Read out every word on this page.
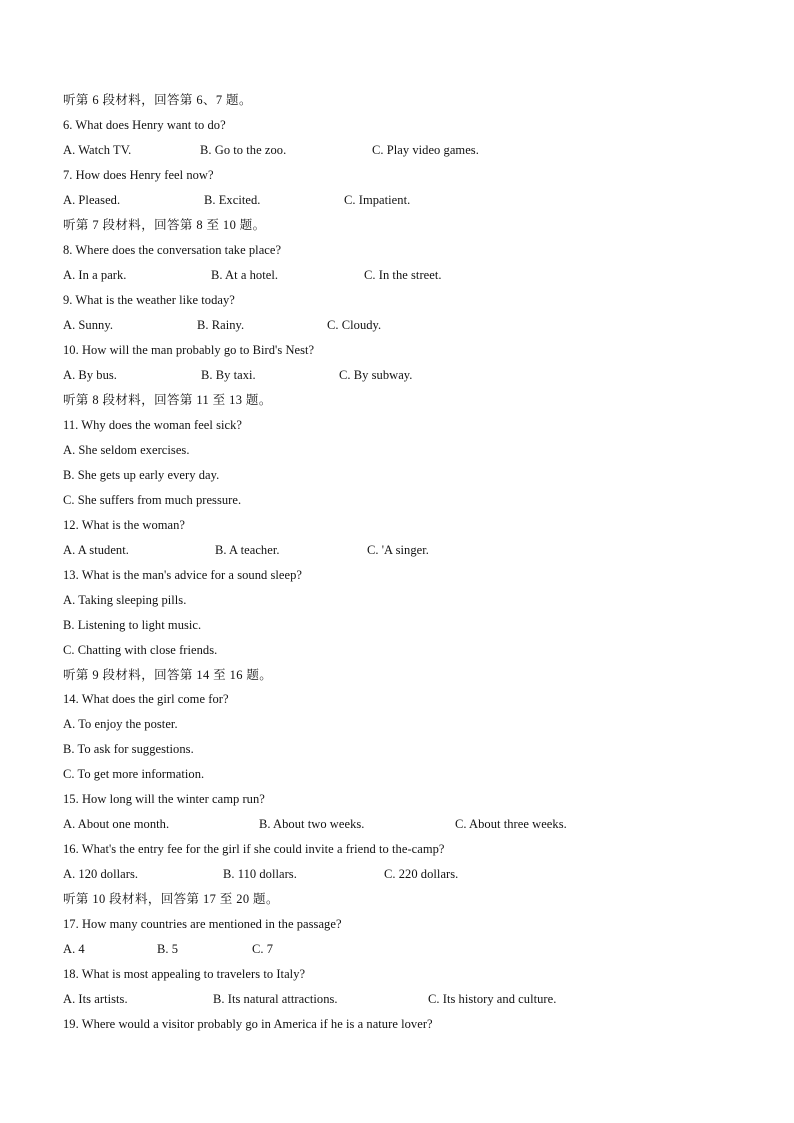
听第 6 段材料，回答第 6、7 题。
6. What does Henry want to do?

A. Watch TV.

	B. Go to the zoo.

	C. Play video games.

7. How does Henry feel now?

A. Pleased.

	B. Excited.

	C. Impatient.

听第 7 段材料，回答第 8 至 10 题。
8. Where does the conversation take place?

A. In a park.

	B. At a hotel.

	C. In the street.

9. What is the weather like today?

A. Sunny.

	B. Rainy.

	C. Cloudy.

10. How will the man probably go to Bird's Nest?

A. By bus.

	B. By taxi.

	C. By subway.

听第 8 段材料，回答第 11 至 13 题。
11. Why does the woman feel sick?
A. She seldom exercises.
B. She gets up early every day.
C. She suffers from much pressure.
12. What is the woman?

A. A student.

	B. A teacher.

	C. 'A singer.

13. What is the man's advice for a sound sleep?
A. Taking sleeping pills.
B. Listening to light music.
C. Chatting with close friends.
听第 9 段材料，回答第 14 至 16 题。
14. What does the girl come for?
A. To enjoy the poster.
B. To ask for suggestions.
C. To get more information.
15. How long will the winter camp run?

A. About one month.

	B. About two weeks.

	C. About three weeks.

16. What's the entry fee for the girl if she could invite a friend to the-camp?

A. 120 dollars.

	B. 110 dollars.

	C. 220 dollars.

听第 10 段材料，回答第 17 至 20 题。
17. How many countries are mentioned in the passage?

A. 4

	B. 5

	C. 7

18. What is most appealing to travelers to Italy?

A. Its artists.

	B. Its natural attractions.

	C. Its history and culture.

19. Where would a visitor probably go in America if he is a nature lover?
